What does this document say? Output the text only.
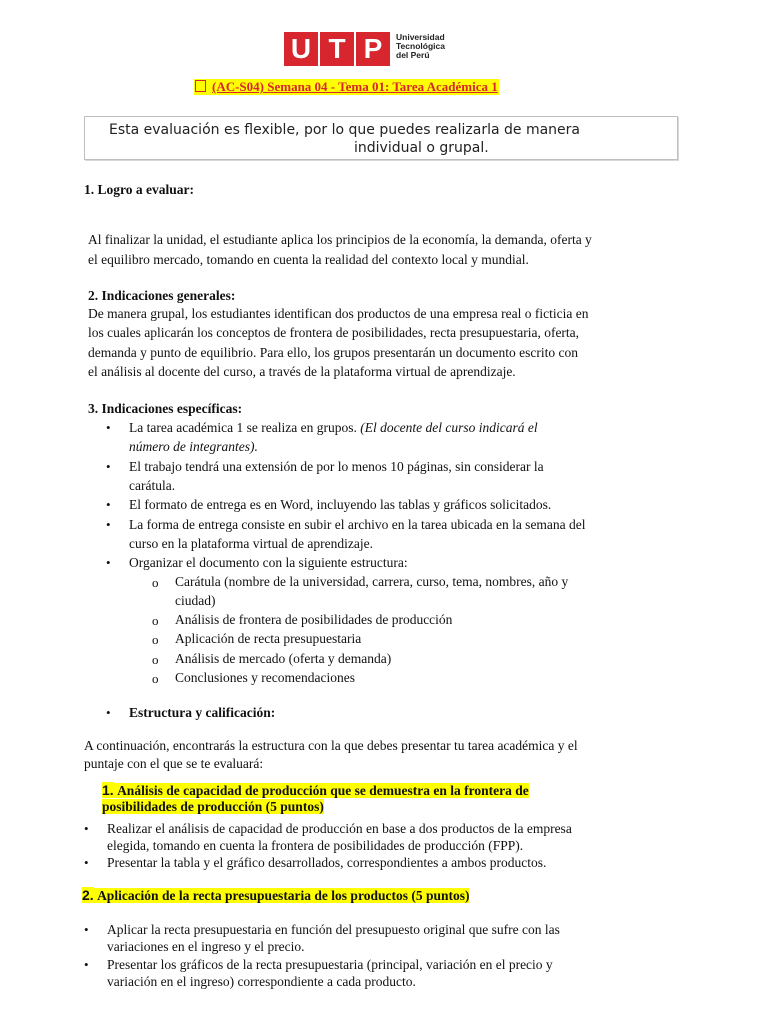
U T P	Universidad
Tecnológica
del Perú
(AC-S04) Semana 04 - Tema 01: Tarea Académica 1
Esta evaluación es flexible, por lo que puedes realizarla de manera
individual o grupal.
1. Logro a evaluar:
Al finalizar la unidad, el estudiante aplica los principios de la economía, la demanda, oferta y
el equilibro mercado, tomando en cuenta la realidad del contexto local y mundial.
2. Indicaciones generales:
De manera grupal, los estudiantes identifican dos productos de una empresa real o ficticia en
los cuales aplicarán los conceptos de frontera de posibilidades, recta presupuestaria, oferta,
demanda y punto de equilibrio. Para ello, los grupos presentarán un documento escrito con
el análisis al docente del curso, a través de la plataforma virtual de aprendizaje.
3. Indicaciones específicas:
• La tarea académica 1 se realiza en grupos. (El docente del curso indicará el
número de integrantes).
• El trabajo tendrá una extensión de por lo menos 10 páginas, sin considerar la
carátula.
• El formato de entrega es en Word, incluyendo las tablas y gráficos solicitados.
• La forma de entrega consiste en subir el archivo en la tarea ubicada en la semana del
curso en la plataforma virtual de aprendizaje.
• Organizar el documento con la siguiente estructura:
o Carátula (nombre de la universidad, carrera, curso, tema, nombres, año y
ciudad)
o Análisis de frontera de posibilidades de producción
o Aplicación de recta presupuestaria
o Análisis de mercado (oferta y demanda)
o Conclusiones y recomendaciones
• Estructura y calificación:
A continuación, encontrarás la estructura con la que debes presentar tu tarea académica y el
puntaje con el que se te evaluará:
1. Análisis de capacidad de producción que se demuestra en la frontera de
posibilidades de producción (5 puntos)
• Realizar el análisis de capacidad de producción en base a dos productos de la empresa
elegida, tomando en cuenta la frontera de posibilidades de producción (FPP).
• Presentar la tabla y el gráfico desarrollados, correspondientes a ambos productos.
2. Aplicación de la recta presupuestaria de los productos (5 puntos)
• Aplicar la recta presupuestaria en función del presupuesto original que sufre con las
variaciones en el ingreso y el precio.
• Presentar los gráficos de la recta presupuestaria (principal, variación en el precio y
variación en el ingreso) correspondiente a cada producto.
